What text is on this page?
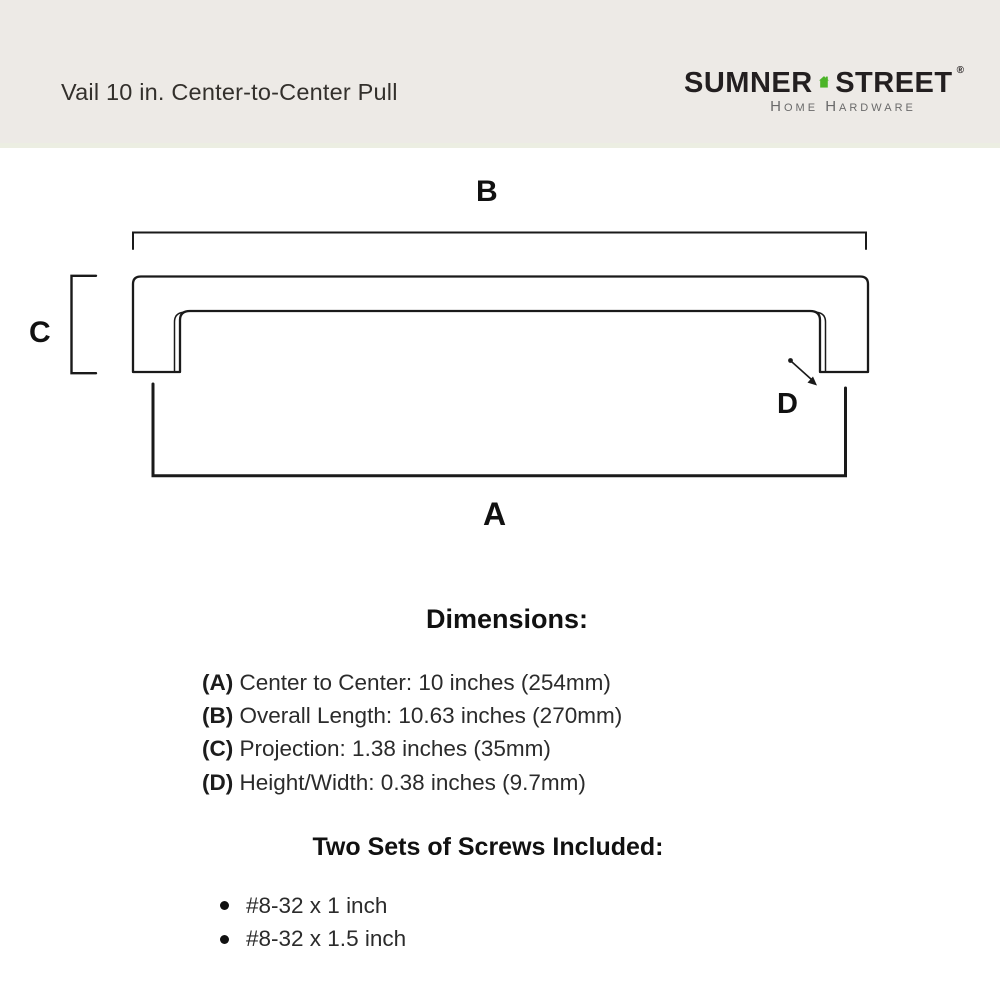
Vail 10 in. Center-to-Center Pull	SUMNER STREET ®
Home Hardware
B
C
A
D
Dimensions:
(A) Center to Center: 10 inches (254mm)
(B) Overall Length: 10.63 inches (270mm)
(C) Projection: 1.38 inches (35mm)
(D) Height/Width: 0.38 inches (9.7mm)
Two Sets of Screws Included:
#8-32 x 1 inch
#8-32 x 1.5 inch
